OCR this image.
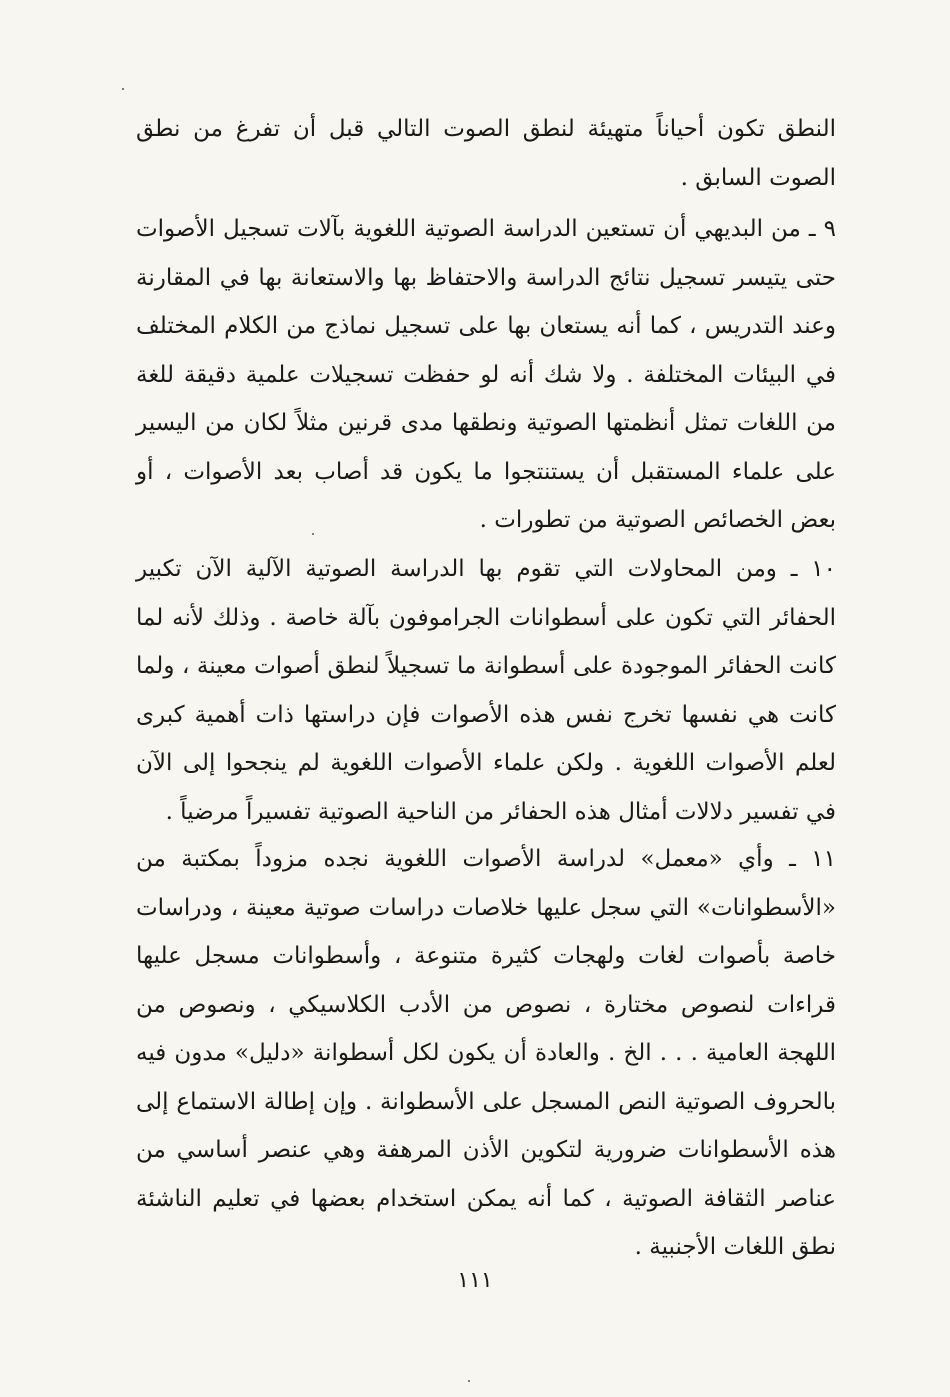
النطق تكون أحياناً متهيئة لنطق الصوت التالي قبل أن تفرغ من نطق الصوت السابق .

٩ ـ من البديهي أن تستعين الدراسة الصوتية اللغوية بآلات تسجيل الأصوات حتى يتيسر تسجيل نتائج الدراسة والاحتفاظ بها والاستعانة بها في المقارنة وعند التدريس ، كما أنه يستعان بها على تسجيل نماذج من الكلام المختلف في البيئات المختلفة . ولا شك أنه لو حفظت تسجيلات علمية دقيقة للغة من اللغات تمثل أنظمتها الصوتية ونطقها مدى قرنين مثلاً لكان من اليسير على علماء المستقبل أن يستنتجوا ما يكون قد أصاب بعد الأصوات ، أو بعض الخصائص الصوتية من تطورات .

١٠ ـ ومن المحاولات التي تقوم بها الدراسة الصوتية الآلية الآن تكبير الحفائر التي تكون على أسطوانات الجراموفون بآلة خاصة . وذلك لأنه لما كانت الحفائر الموجودة على أسطوانة ما تسجيلاً لنطق أصوات معينة ، ولما كانت هي نفسها تخرج نفس هذه الأصوات فإن دراستها ذات أهمية كبرى لعلم الأصوات اللغوية . ولكن علماء الأصوات اللغوية لم ينجحوا إلى الآن في تفسير دلالات أمثال هذه الحفائر من الناحية الصوتية تفسيراً مرضياً .

١١ ـ وأي «معمل» لدراسة الأصوات اللغوية نجده مزوداً بمكتبة من «الأسطوانات» التي سجل عليها خلاصات دراسات صوتية معينة ، ودراسات خاصة بأصوات لغات ولهجات كثيرة متنوعة ، وأسطوانات مسجل عليها قراءات لنصوص مختارة ، نصوص من الأدب الكلاسيكي ، ونصوص من اللهجة العامية . . . الخ . والعادة أن يكون لكل أسطوانة «دليل» مدون فيه بالحروف الصوتية النص المسجل على الأسطوانة . وإن إطالة الاستماع إلى هذه الأسطوانات ضرورية لتكوين الأذن المرهفة وهي عنصر أساسي من عناصر الثقافة الصوتية ، كما أنه يمكن استخدام بعضها في تعليم الناشئة نطق اللغات الأجنبية .

١١١
